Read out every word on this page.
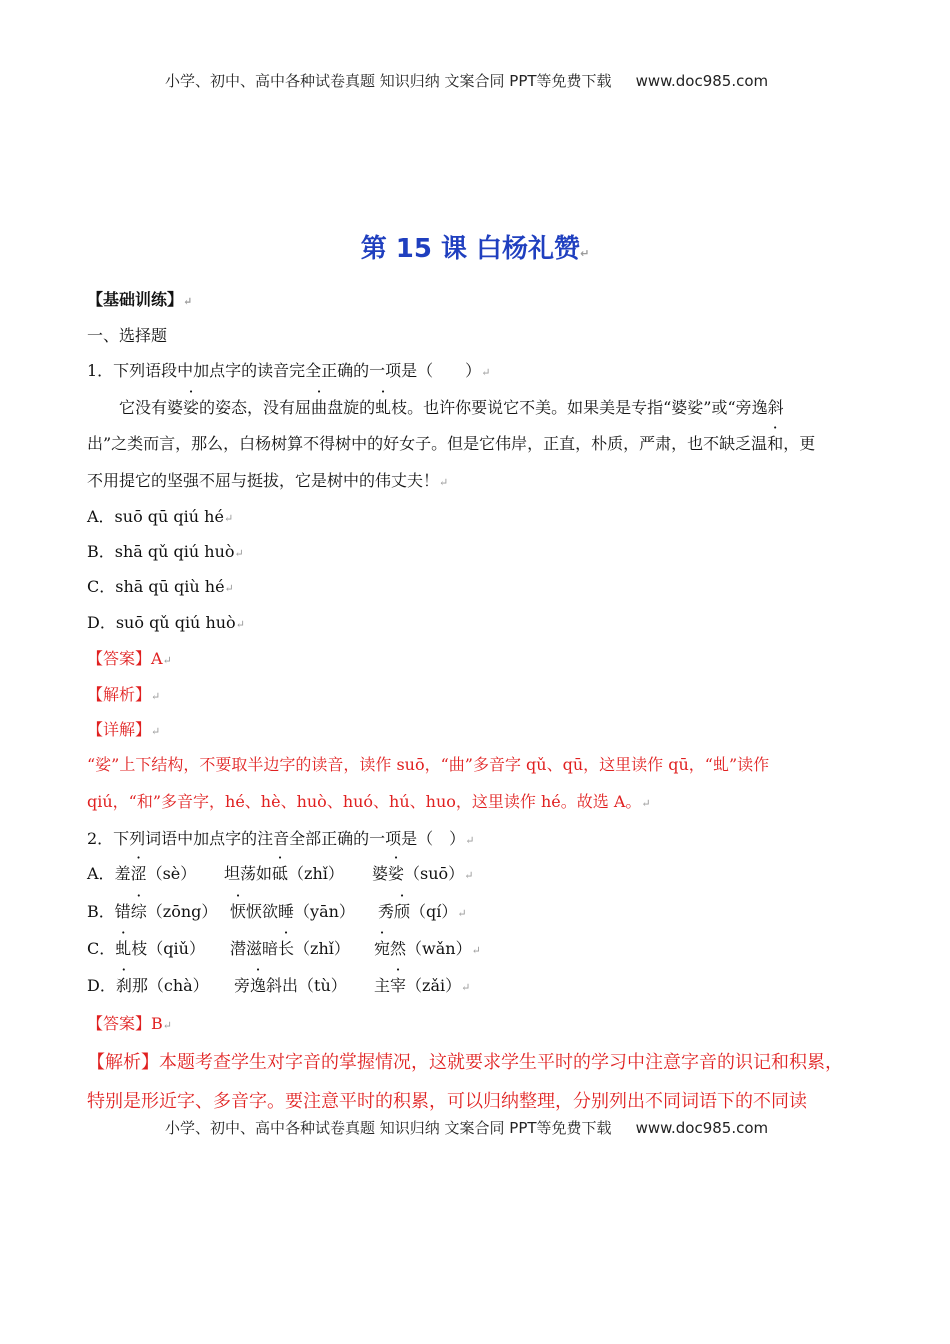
小学、初中、高中各种试卷真题 知识归纳 文案合同 PPT等免费下载 www.doc985.com
第 15 课 白杨礼赞↵
【基础训练】↵
一、选择题
1．下列语段中加点字的读音完全正确的一项是（　　）↵
它没有婆娑的姿态，没有屈曲盘旋的虬枝。也许你要说它不美。如果美是专指“婆娑”或“旁逸斜
出”之类而言，那么，白杨树算不得树中的好女子。但是它伟岸，正直，朴质，严肃，也不缺乏温和，更
不用提它的坚强不屈与挺拔，它是树中的伟丈夫！↵
A．suō qū qiú hé↵
B．shā qǔ qiú huò↵
C．shā qū qiù hé↵
D．suō qǔ qiú huò↵
【答案】A↵
【解析】↵
【详解】↵
“娑”上下结构，不要取半边字的读音，读作 suō，“曲”多音字 qǔ、qū，这里读作 qū，“虬”读作
qiú，“和”多音字，hé、hè、huò、huó、hú、huo，这里读作 hé。故选 A。↵
2．下列词语中加点字的注音全部正确的一项是（　）↵
A．羞涩（sè） 坦荡如砥（zhǐ） 婆娑（suō）↵
B．错综（zōng） 恹恹欲睡（yān） 秀颀（qí）↵
C．虬枝（qiǔ） 潜滋暗长（zhǐ） 宛然（wǎn）↵
D．刹那（chà） 旁逸斜出（tù） 主宰（zǎi）↵
【答案】B↵
【解析】本题考查学生对字音的掌握情况，这就要求学生平时的学习中注意字音的识记和积累，
特别是形近字、多音字。要注意平时的积累，可以归纳整理，分别列出不同词语下的不同读
小学、初中、高中各种试卷真题 知识归纳 文案合同 PPT等免费下载 www.doc985.com
